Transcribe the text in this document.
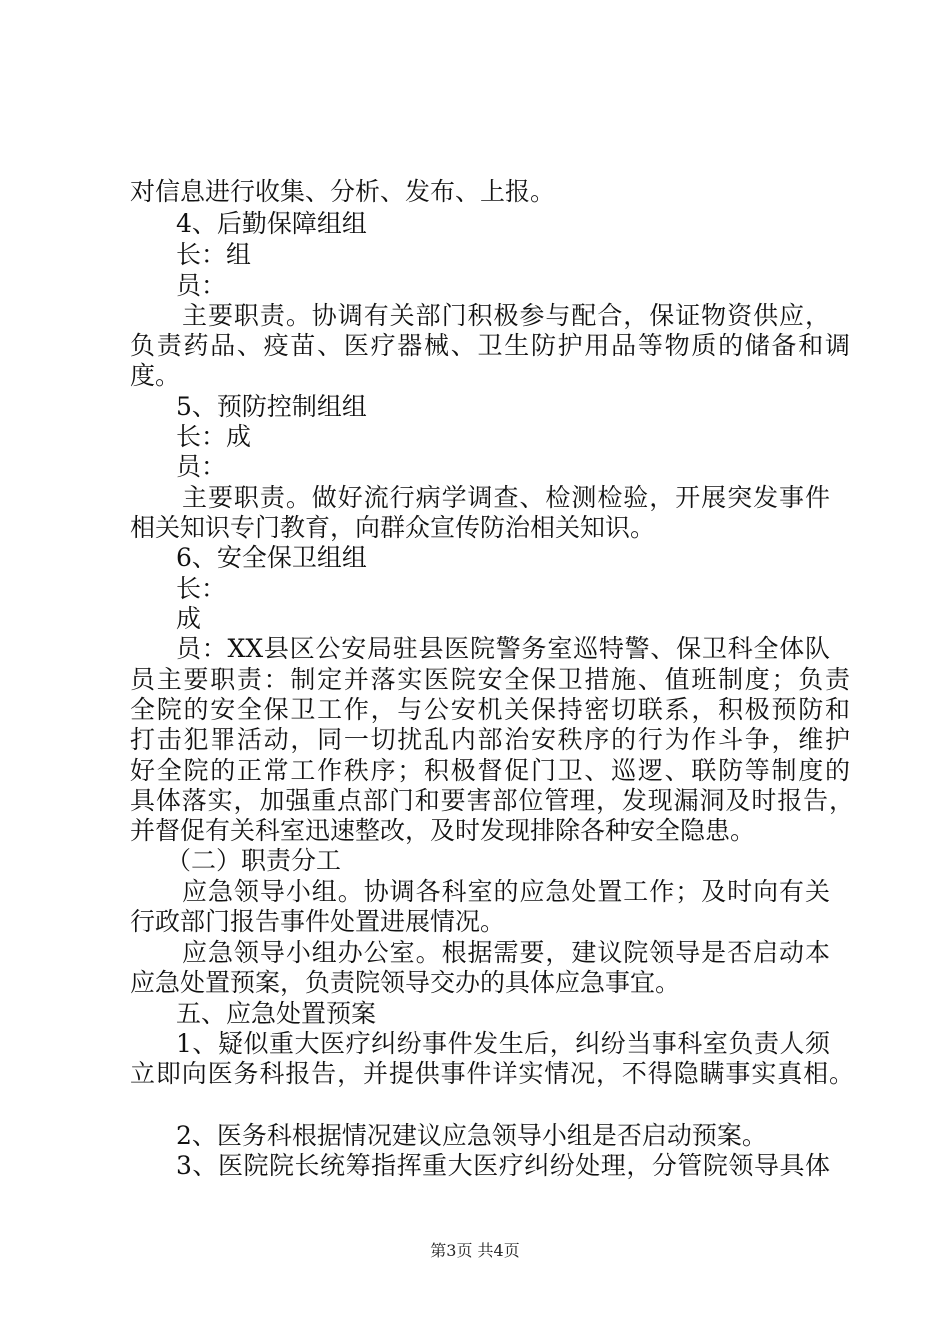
对信息进行收集、分析、发布、上报。
4、后勤保障组组
长：组
员：
主要职责。协调有关部门积极参与配合，保证物资供应，
负责药品、疫苗、医疗器械、卫生防护用品等物质的储备和调
度。
5、预防控制组组
长：成
员：
主要职责。做好流行病学调查、检测检验，开展突发事件
相关知识专门教育，向群众宣传防治相关知识。
6、安全保卫组组
长：
成
员：XX县区公安局驻县医院警务室巡特警、保卫科全体队
员主要职责：制定并落实医院安全保卫措施、值班制度；负责
全院的安全保卫工作，与公安机关保持密切联系，积极预防和
打击犯罪活动，同一切扰乱内部治安秩序的行为作斗争，维护
好全院的正常工作秩序；积极督促门卫、巡逻、联防等制度的
具体落实，加强重点部门和要害部位管理，发现漏洞及时报告，
并督促有关科室迅速整改，及时发现排除各种安全隐患。
（二）职责分工
应急领导小组。协调各科室的应急处置工作；及时向有关
行政部门报告事件处置进展情况。
应急领导小组办公室。根据需要，建议院领导是否启动本
应急处置预案，负责院领导交办的具体应急事宜。
五、应急处置预案
1、疑似重大医疗纠纷事件发生后，纠纷当事科室负责人须
立即向医务科报告，并提供事件详实情况，不得隐瞒事实真相。
2、医务科根据情况建议应急领导小组是否启动预案。
3、医院院长统筹指挥重大医疗纠纷处理，分管院领导具体
第3页 共4页
